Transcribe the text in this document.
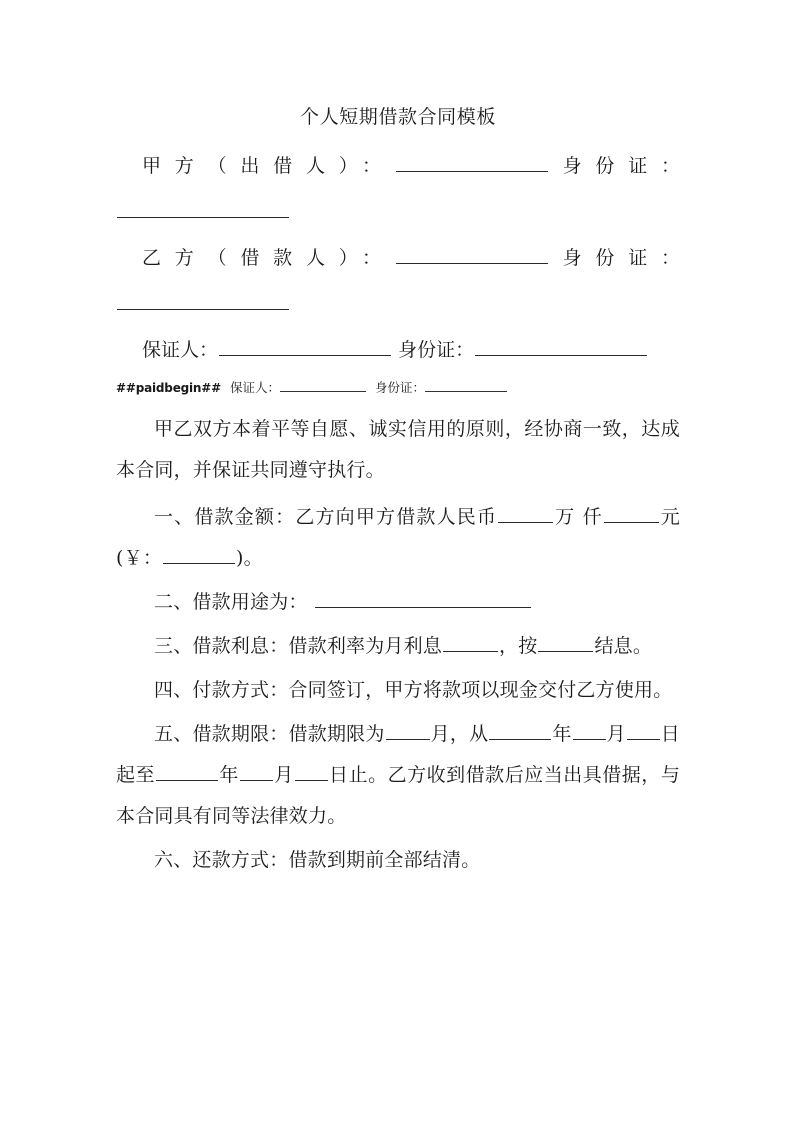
个人短期借款合同模板

甲方（出借人）：	身份证：

乙方（借款人）：	身份证：

保证人：	身份证：

##paidbegin## 保证人：	身份证：

甲乙双方本着平等自愿、诚实信用的原则，经协商一致，达成本合同，并保证共同遵守执行。

一、借款金额：乙方向甲方借款人民币	万 仟	元(￥：	)。

二、借款用途为：

三、借款利息：借款利率为月利息	，按	结息。

四、付款方式：合同签订，甲方将款项以现金交付乙方使用。

五、借款期限：借款期限为 月，从	年 月 日起至	年 月 日止。乙方收到借款后应当出具借据，与本合同具有同等法律效力。

六、还款方式：借款到期前全部结清。
